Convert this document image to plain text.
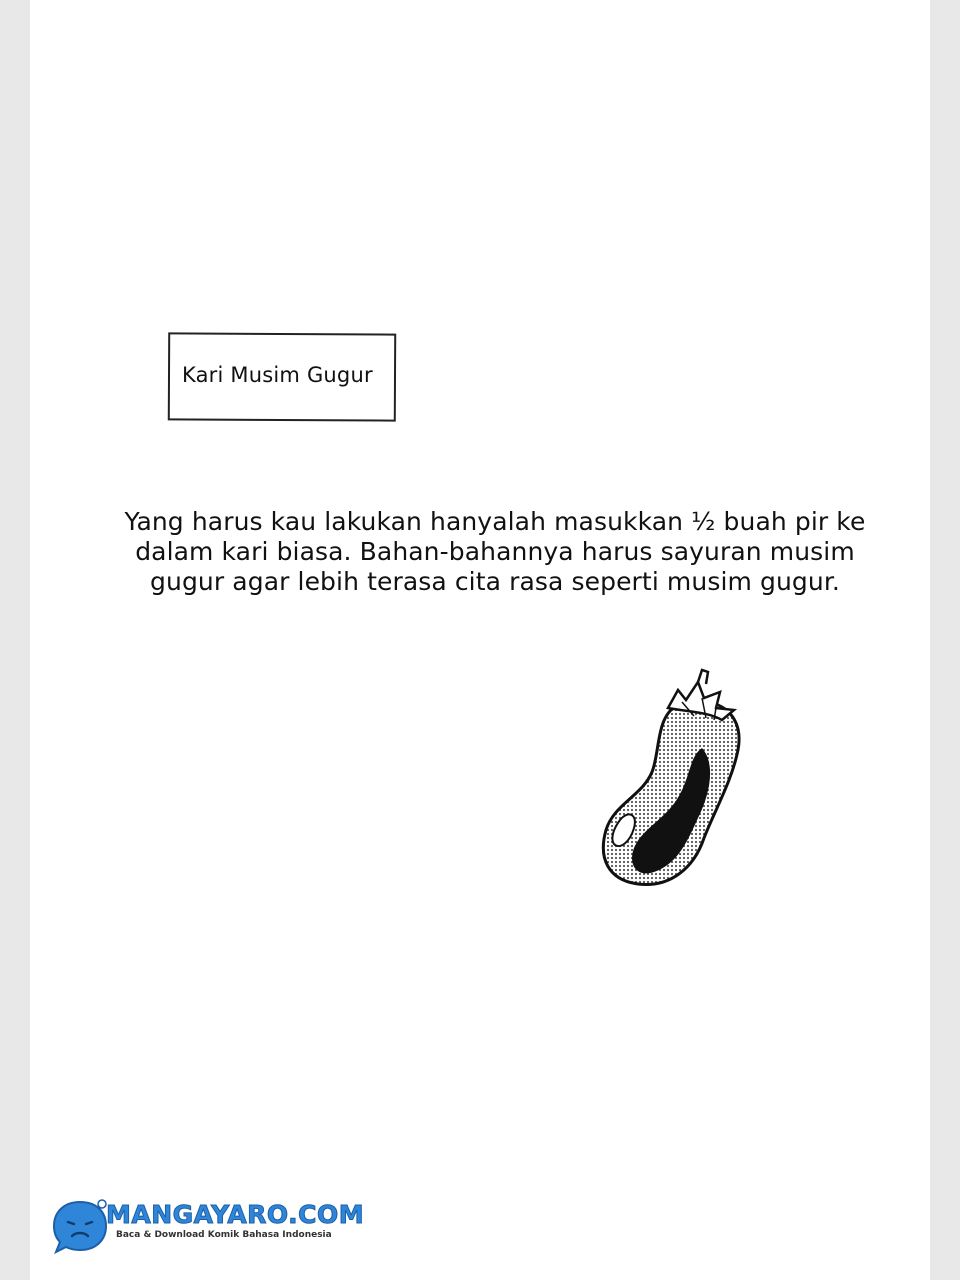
Kari Musim Gugur
Yang harus kau lakukan hanyalah masukkan ½ buah pir ke dalam kari biasa. Bahan-bahannya harus sayuran musim gugur agar lebih terasa cita rasa seperti musim gugur.
MANGAYARO.COM
Baca & Download Komik Bahasa Indonesia
